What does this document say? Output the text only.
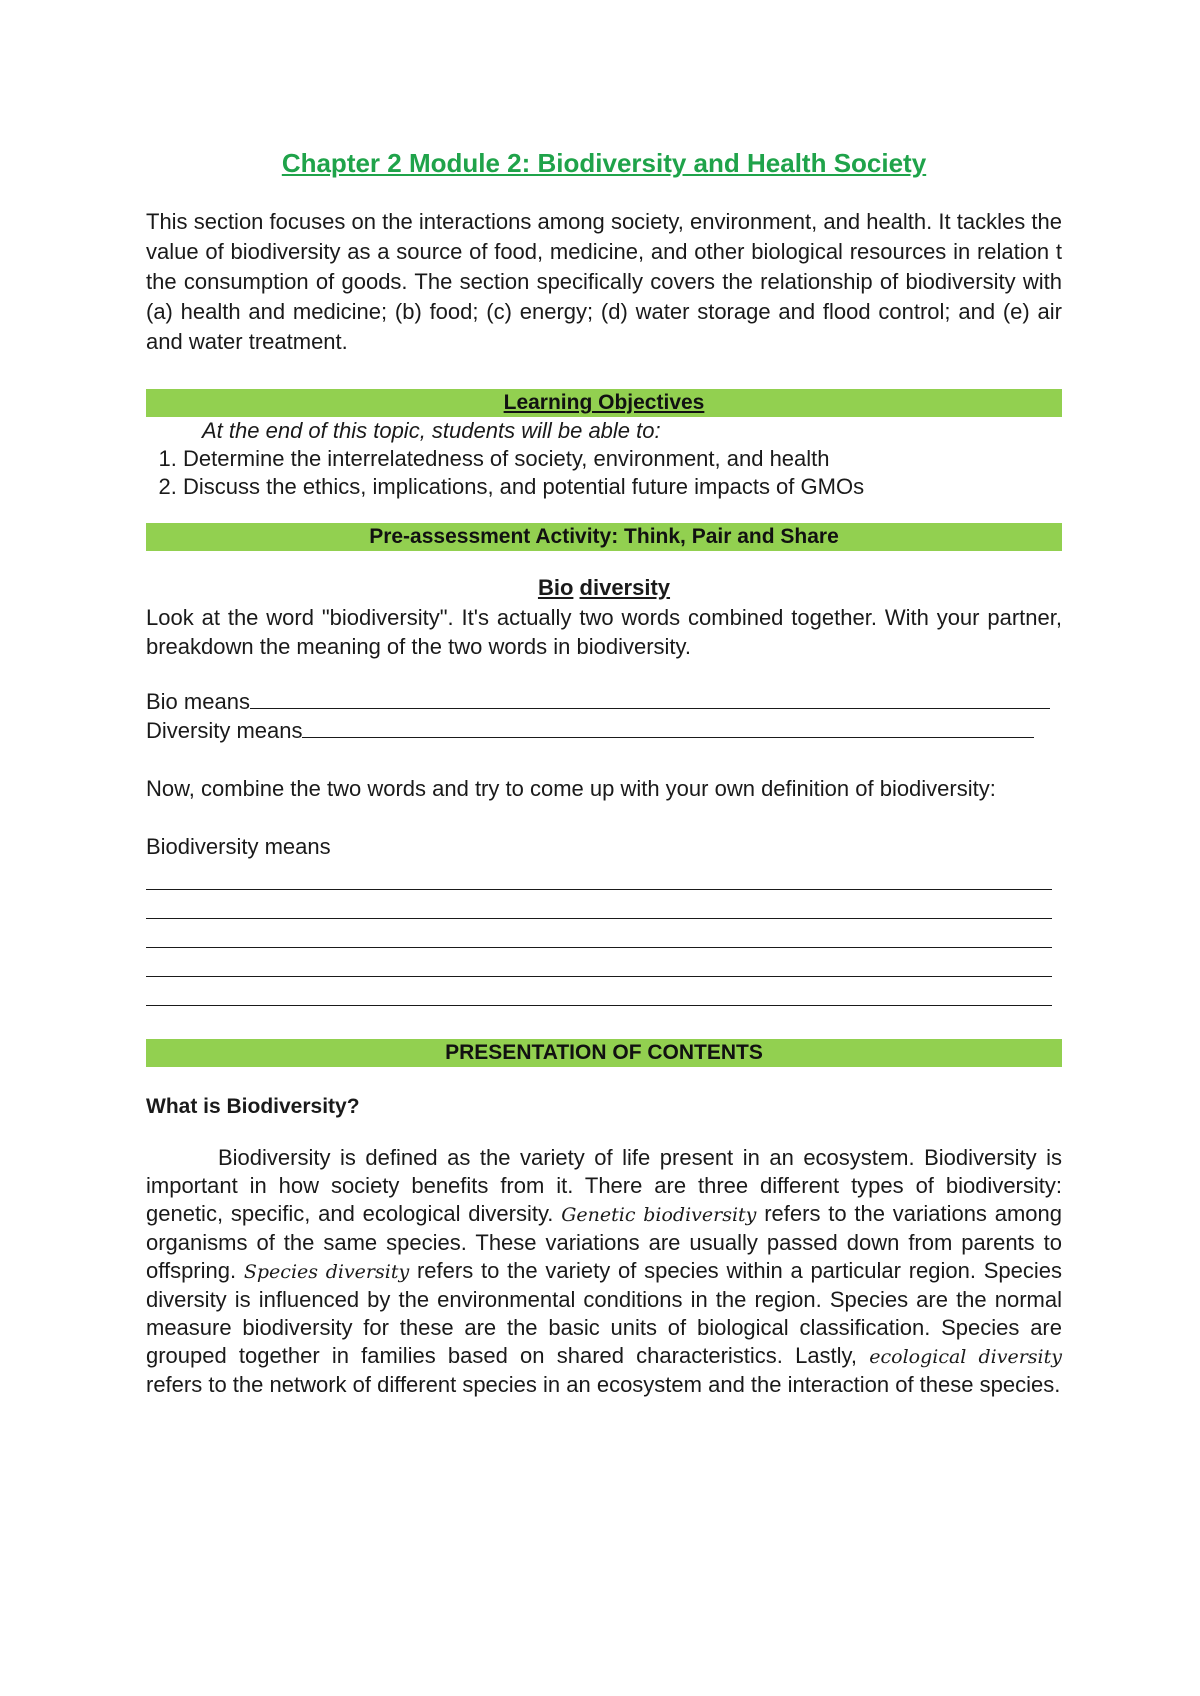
Chapter 2 Module 2: Biodiversity and Health Society

This section focuses on the interactions among society, environment, and health. It tackles the value of biodiversity as a source of food, medicine, and other biological resources in relation t the consumption of goods. The section specifically covers the relationship of biodiversity with (a) health and medicine; (b) food; (c) energy; (d) water storage and flood control; and (e) air and water treatment.

Learning Objectives
At the end of this topic, students will be able to:
1. Determine the interrelatedness of society, environment, and health
2. Discuss the ethics, implications, and potential future impacts of GMOs
Pre-assessment Activity: Think, Pair and Share
Bio diversity

Look at the word "biodiversity". It's actually two words combined together. With your partner, breakdown the meaning of the two words in biodiversity.

Bio means
Diversity means

Now, combine the two words and try to come up with your own definition of biodiversity:

Biodiversity means
PRESENTATION OF CONTENTS
What is Biodiversity?

Biodiversity is defined as the variety of life present in an ecosystem. Biodiversity is important in how society benefits from it. There are three different types of biodiversity: genetic, specific, and ecological diversity. Genetic biodiversity refers to the variations among organisms of the same species. These variations are usually passed down from parents to offspring. Species diversity refers to the variety of species within a particular region. Species diversity is influenced by the environmental conditions in the region. Species are the normal measure biodiversity for these are the basic units of biological classification. Species are grouped together in families based on shared characteristics. Lastly, ecological diversity refers to the network of different species in an ecosystem and the interaction of these species.
